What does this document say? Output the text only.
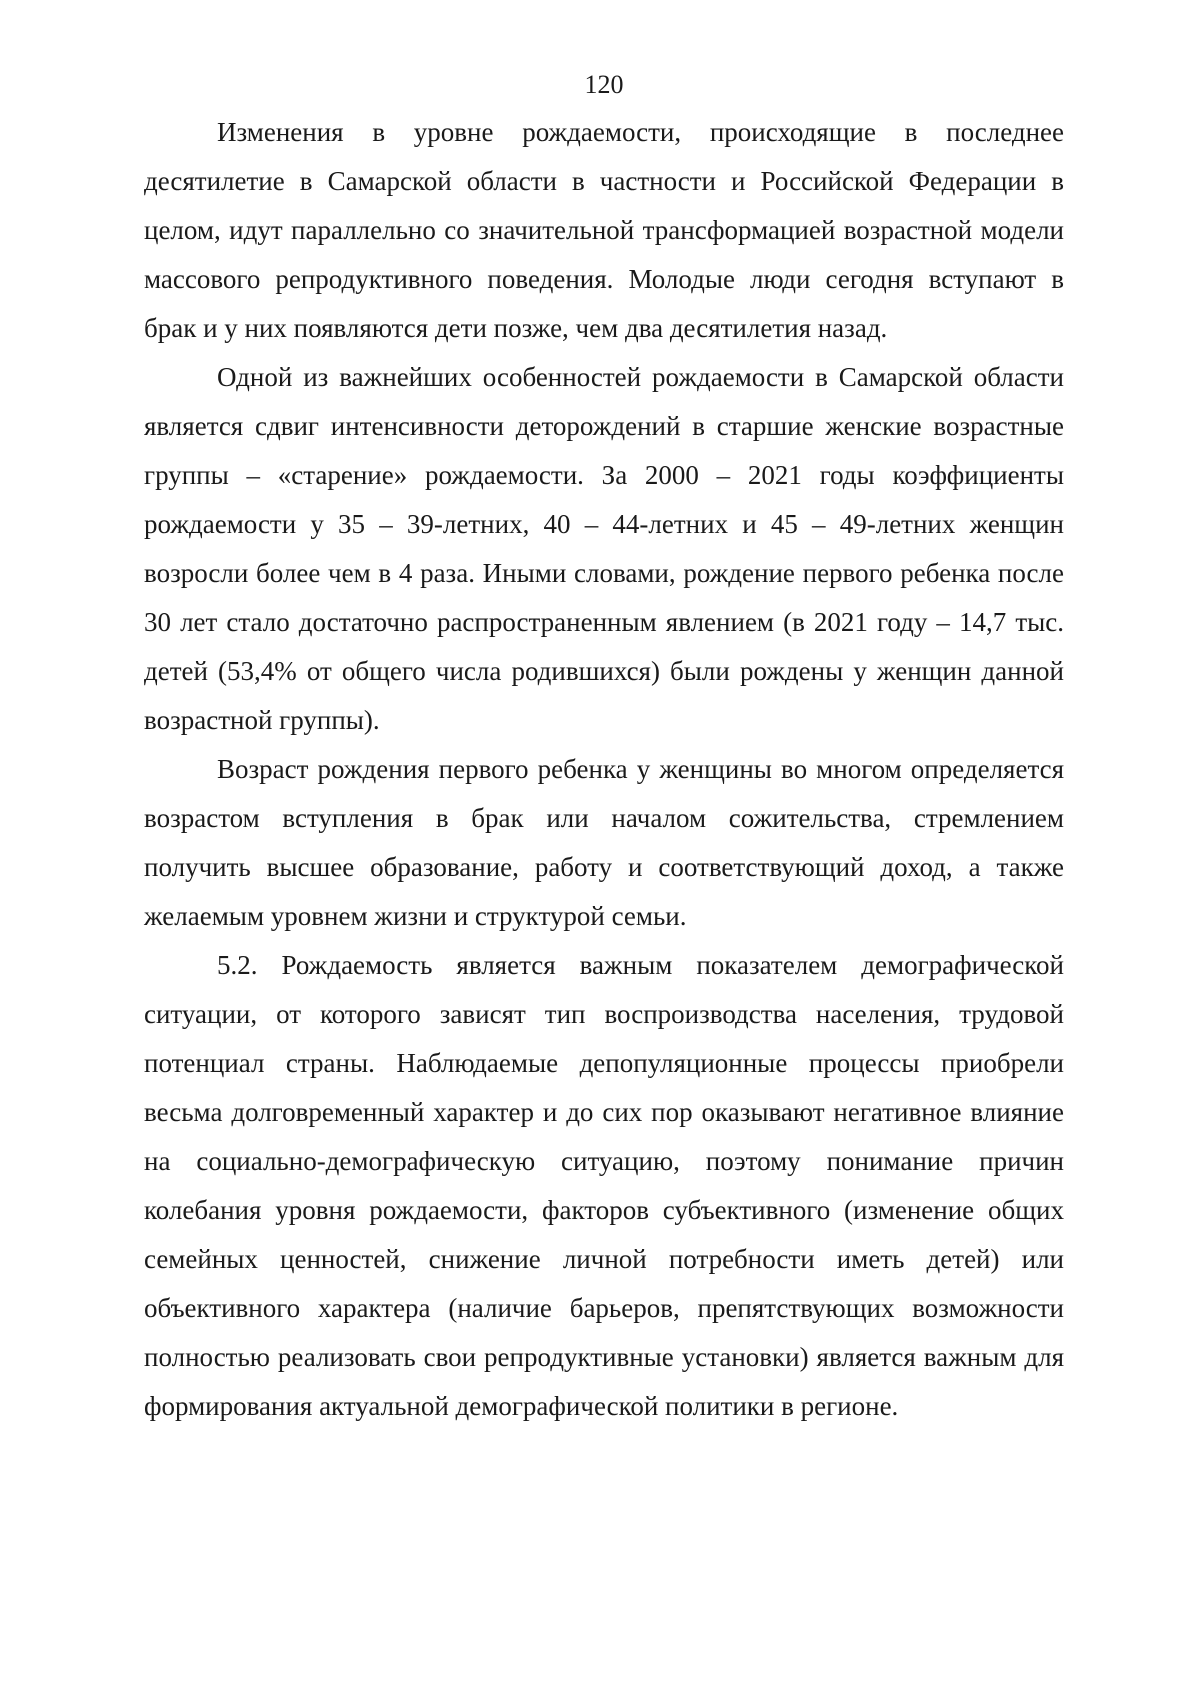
120

Изменения в уровне рождаемости, происходящие в последнее десятилетие в Самарской области в частности и Российской Федерации в целом, идут параллельно со значительной трансформацией возрастной модели массового репродуктивного поведения. Молодые люди сегодня вступают в брак и у них появляются дети позже, чем два десятилетия назад.

Одной из важнейших особенностей рождаемости в Самарской области является сдвиг интенсивности деторождений в старшие женские возрастные группы – «старение» рождаемости. За 2000 – 2021 годы коэффициенты рождаемости у 35 – 39-летних, 40 – 44-летних и 45 – 49-летних женщин возросли более чем в 4 раза. Иными словами, рождение первого ребенка после 30 лет стало достаточно распространенным явлением (в 2021 году – 14,7 тыс. детей (53,4% от общего числа родившихся) были рождены у женщин данной возрастной группы).

Возраст рождения первого ребенка у женщины во многом определяется возрастом вступления в брак или началом сожительства, стремлением получить высшее образование, работу и соответствующий доход, а также желаемым уровнем жизни и структурой семьи.

5.2. Рождаемость является важным показателем демографической ситуации, от которого зависят тип воспроизводства населения, трудовой потенциал страны. Наблюдаемые депопуляционные процессы приобрели весьма долговременный характер и до сих пор оказывают негативное влияние на социально-демографическую ситуацию, поэтому понимание причин колебания уровня рождаемости, факторов субъективного (изменение общих семейных ценностей, снижение личной потребности иметь детей) или объективного характера (наличие барьеров, препятствующих возможности полностью реализовать свои репродуктивные установки) является важным для формирования актуальной демографической политики в регионе.
